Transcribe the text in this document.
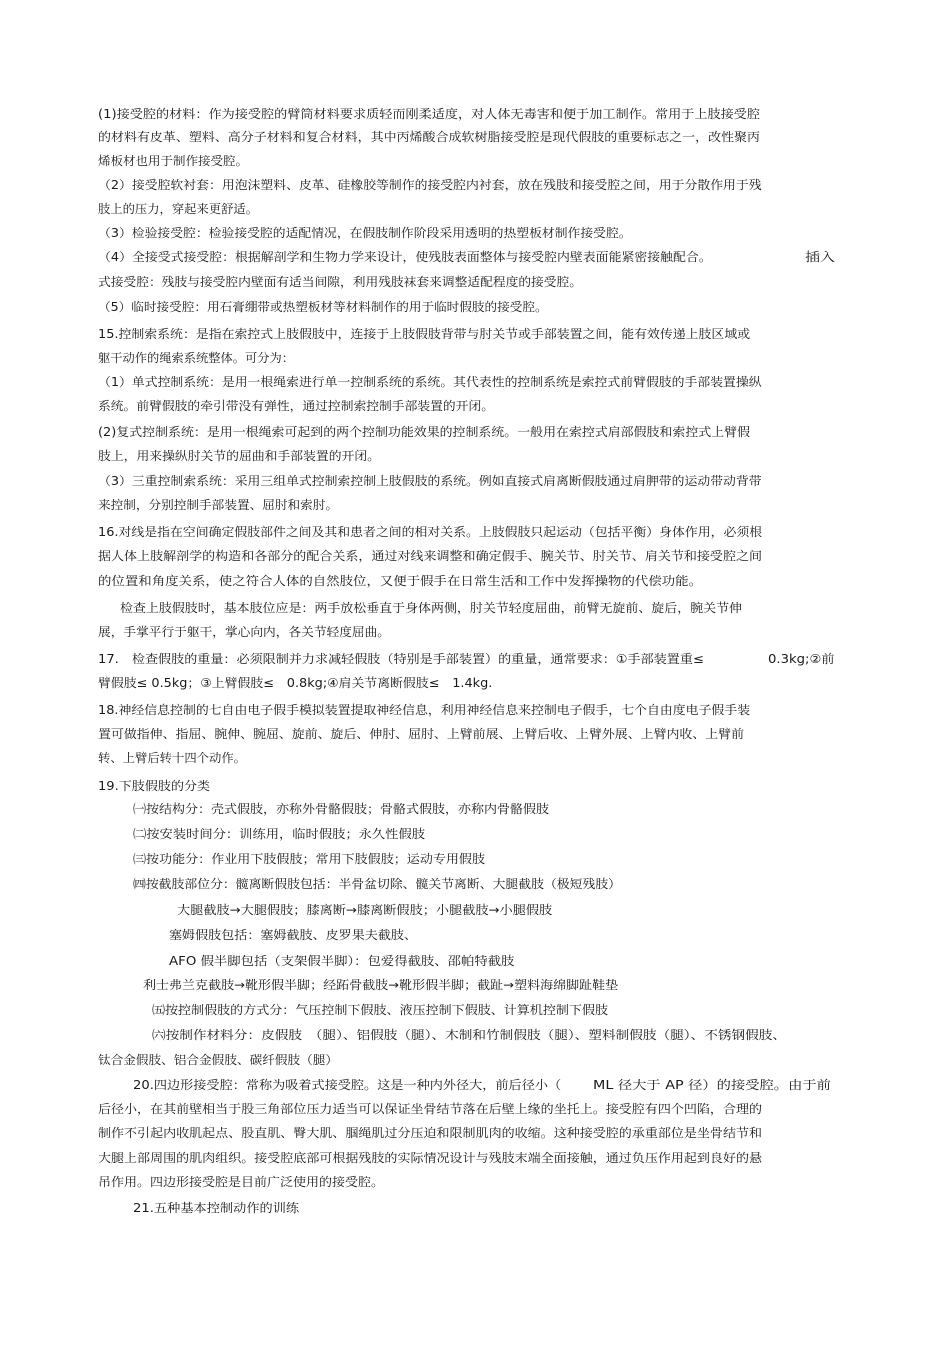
(1)接受腔的材料：作为接受腔的臂筒材料要求质轻而刚柔适度，对人体无毒害和便于加工制作。常用于上肢接受腔
的材料有皮革、塑料、高分子材料和复合材料，其中丙烯酸合成软树脂接受腔是现代假肢的重要标志之一，改性聚丙
烯板材也用于制作接受腔。
（2）接受腔软衬套：用泡沫塑料、皮革、硅橡胶等制作的接受腔内衬套，放在残肢和接受腔之间，用于分散作用于残
肢上的压力，穿起来更舒适。
（3）检验接受腔：检验接受腔的适配情况，在假肢制作阶段采用透明的热塑板材制作接受腔。
（4）全接受式接受腔：根据解剖学和生物力学来设计，使残肢表面整体与接受腔内壁表面能紧密接触配合。	插入
式接受腔：残肢与接受腔内壁面有适当间隙，利用残肢袜套来调整适配程度的接受腔。
（5）临时接受腔：用石膏绷带或热塑板材等材料制作的用于临时假肢的接受腔。
15.控制索系统：是指在索控式上肢假肢中，连接于上肢假肢背带与肘关节或手部装置之间，能有效传递上肢区域或
躯干动作的绳索系统整体。可分为：
（1）单式控制系统：是用一根绳索进行单一控制系统的系统。其代表性的控制系统是索控式前臂假肢的手部装置操纵
系统。前臂假肢的牵引带没有弹性，通过控制索控制手部装置的开闭。
(2)复式控制系统：是用一根绳索可起到的两个控制功能效果的控制系统。一般用在索控式肩部假肢和索控式上臂假
肢上，用来操纵肘关节的屈曲和手部装置的开闭。
（3）三重控制索系统：采用三组单式控制索控制上肢假肢的系统。例如直接式肩离断假肢通过肩胛带的运动带动背带
来控制，分别控制手部装置、屈肘和索肘。
16.对线是指在空间确定假肢部件之间及其和患者之间的相对关系。上肢假肢只起运动（包括平衡）身体作用，必须根
据人体上肢解剖学的构造和各部分的配合关系，通过对线来调整和确定假手、腕关节、肘关节、肩关节和接受腔之间
的位置和角度关系，使之符合人体的自然肢位，又便于假手在日常生活和工作中发挥操物的代偿功能。
检查上肢假肢时，基本肢位应是：两手放松垂直于身体两侧，肘关节轻度屈曲，前臂无旋前、旋后，腕关节伸
展，手掌平行于躯干，掌心向内，各关节轻度屈曲。
17.　检查假肢的重量：必须限制并力求减轻假肢（特别是手部装置）的重量，通常要求：①手部装置重≤	0.3kg;②前
臂假肢≤ 0.5kg；③上臂假肢≤　0.8kg;④肩关节离断假肢≤　1.4kg.
18.神经信息控制的七自由电子假手模拟装置提取神经信息，利用神经信息来控制电子假手，七个自由度电子假手装
置可做指伸、指屈、腕伸、腕屈、旋前、旋后、伸肘、屈肘、上臂前展、上臂后收、上臂外展、上臂内收、上臂前
转、上臂后转十四个动作。
19.下肢假肢的分类
㈠按结构分：壳式假肢，亦称外骨骼假肢；骨骼式假肢，亦称内骨骼假肢
㈡按安装时间分：训练用，临时假肢；永久性假肢
㈢按功能分：作业用下肢假肢；常用下肢假肢；运动专用假肢
㈣按截肢部位分：髋离断假肢包括：半骨盆切除、髋关节离断、大腿截肢（极短残肢）
大腿截肢→大腿假肢；膝离断→膝离断假肢；小腿截肢→小腿假肢
塞姆假肢包括：塞姆截肢、皮罗果夫截肢、
AFO 假半脚包括（支架假半脚）：包爱得截肢、邵帕特截肢
利士弗兰克截肢→靴形假半脚；经跖骨截肢→靴形假半脚；截趾→塑料海绵脚趾鞋垫
㈤按控制假肢的方式分：气压控制下假肢、液压控制下假肢、计算机控制下假肢
㈥按制作材料分：皮假肢　（腿）、铝假肢（腿）、木制和竹制假肢（腿）、塑料制假肢（腿）、不锈钢假肢、
钛合金假肢、铝合金假肢、碳纤假肢（腿）
20.四边形接受腔：常称为吸着式接受腔。这是一种内外径大，前后径小（	ML 径大于 AP 径）的接受腔。由于前
后径小，在其前壁相当于股三角部位压力适当可以保证坐骨结节落在后壁上缘的坐托上。接受腔有四个凹陷，合理的
制作不引起内收肌起点、股直肌、臀大肌、腘绳肌过分压迫和限制肌肉的收缩。这种接受腔的承重部位是坐骨结节和
大腿上部周围的肌肉组织。接受腔底部可根据残肢的实际情况设计与残肢末端全面接触，通过负压作用起到良好的悬
吊作用。四边形接受腔是目前广泛使用的接受腔。
21.五种基本控制动作的训练
